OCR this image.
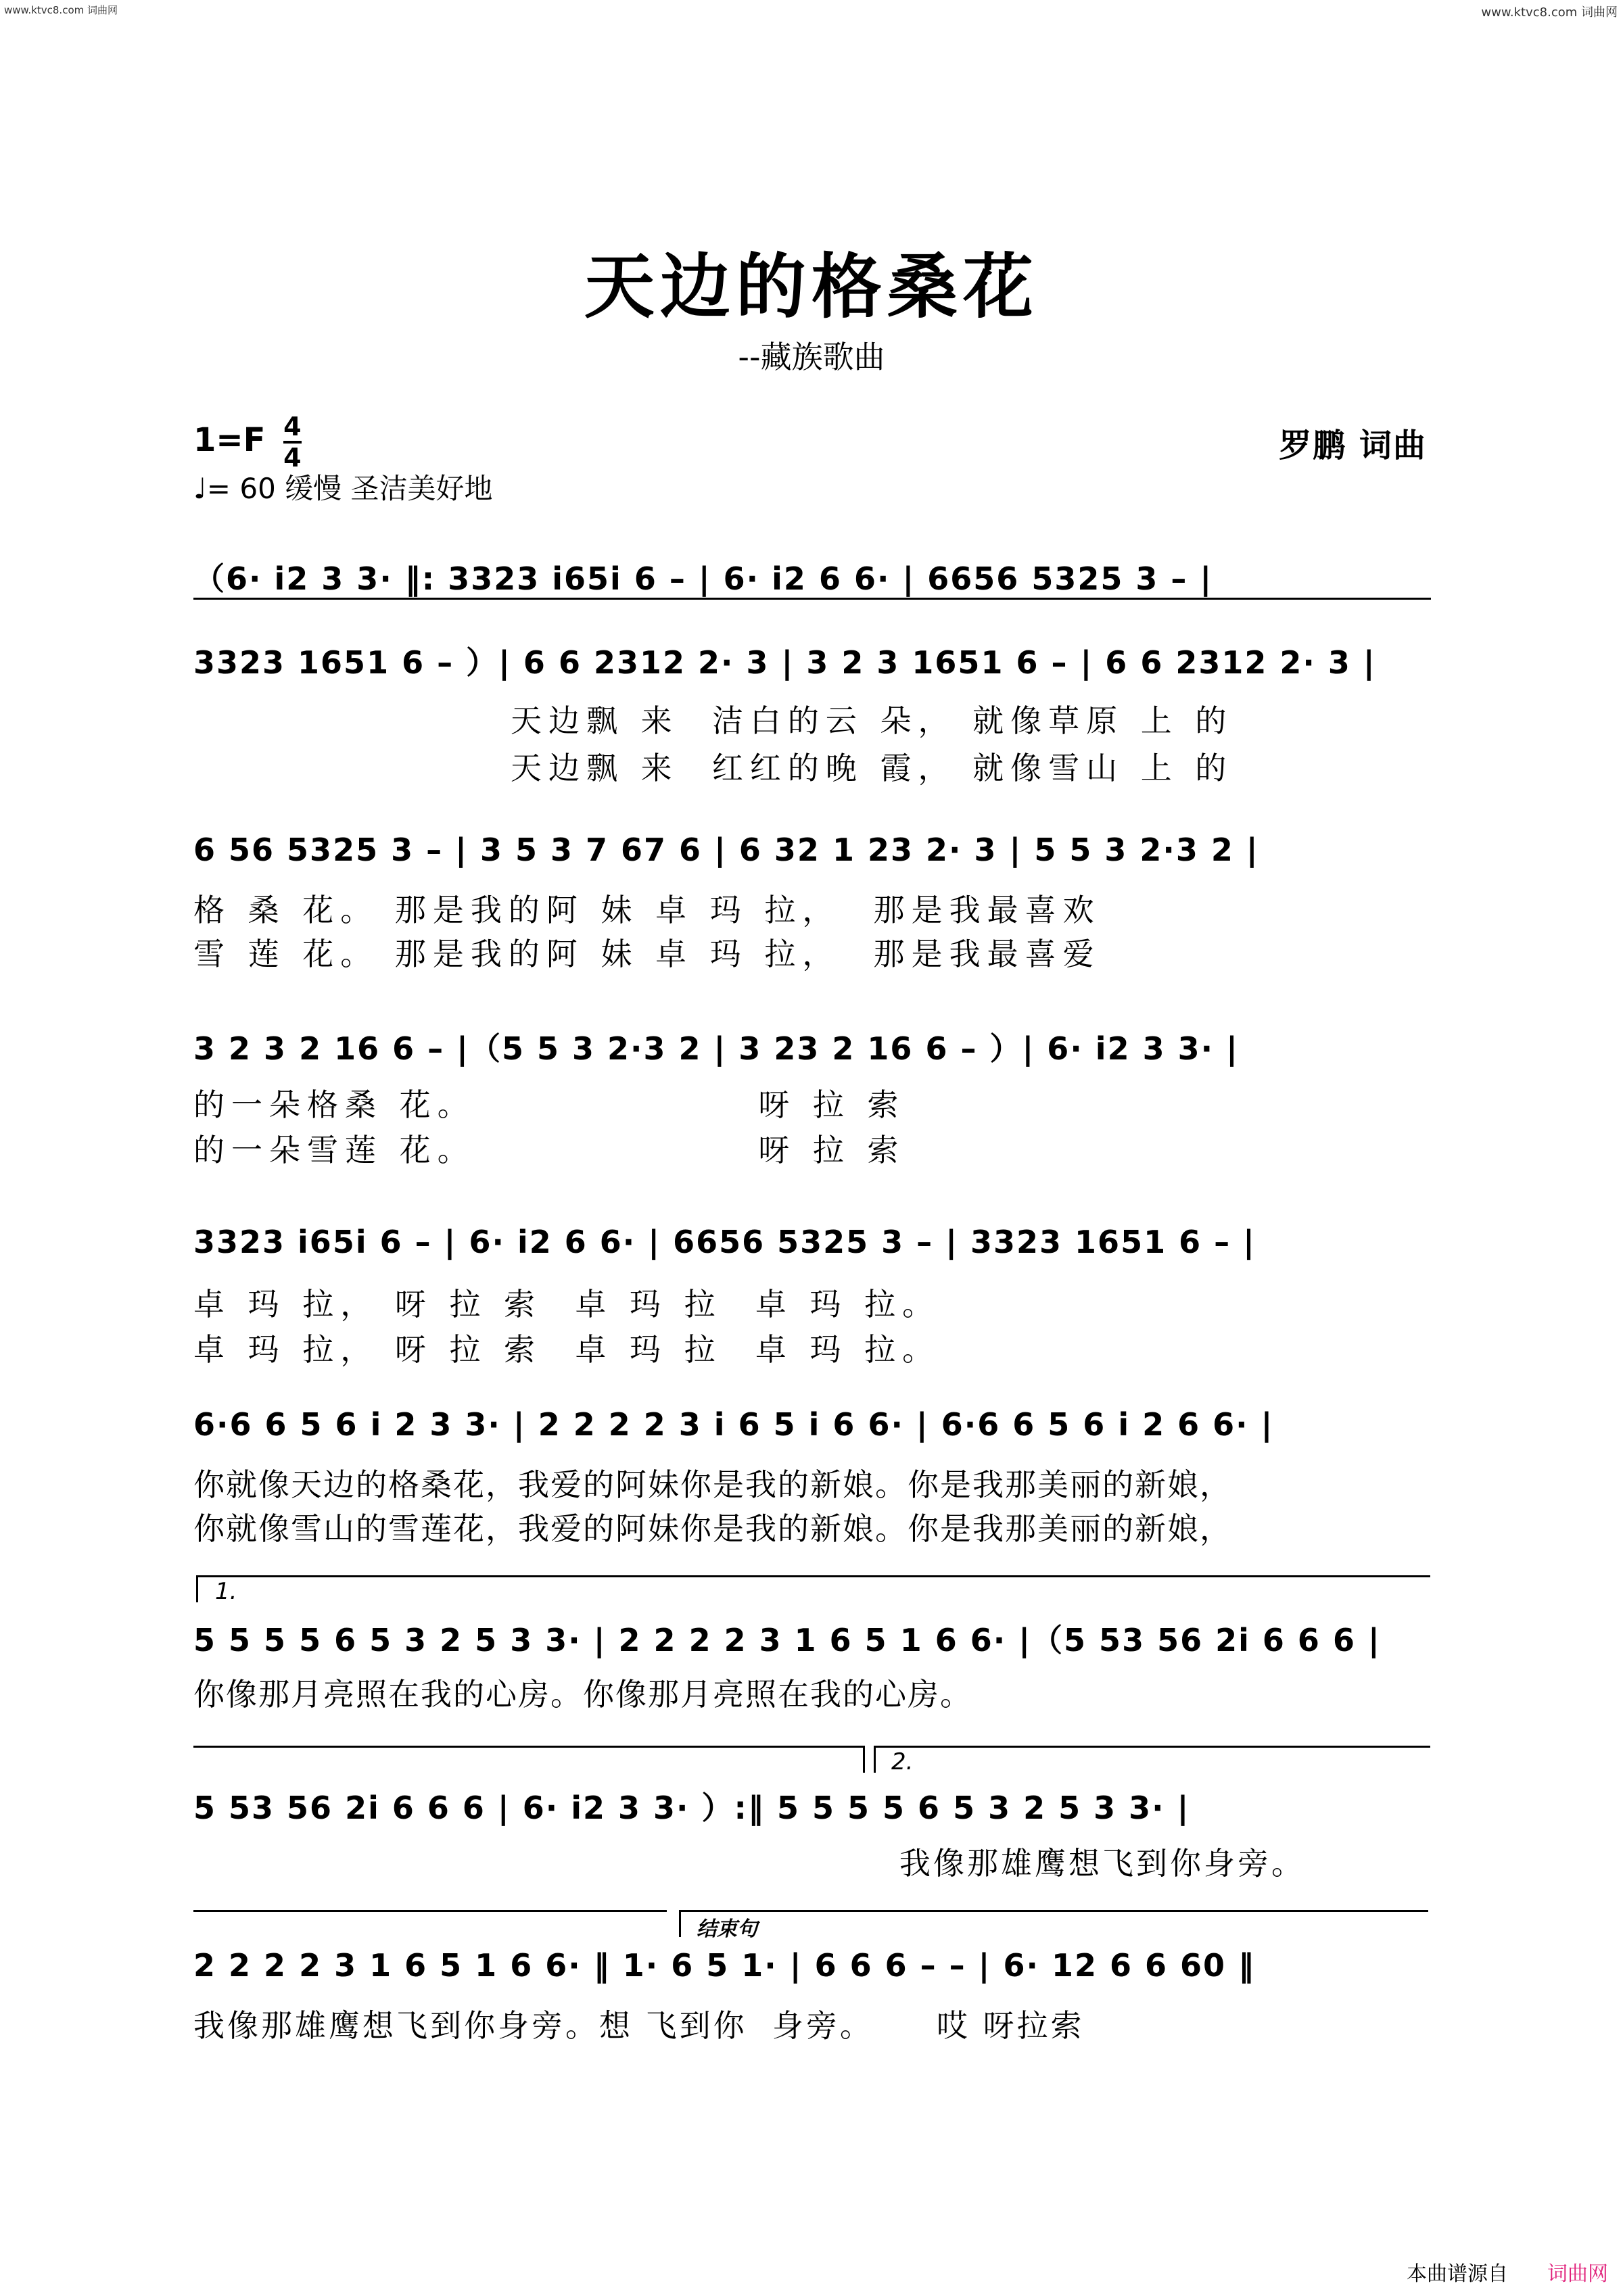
www.ktvc8.com 词曲网	www.ktvc8.com 词曲网
天边的格桑花
--藏族歌曲
$1=F \frac{4}{4}$
♩= 60 缓慢 圣洁美好地
罗鹏 词曲
（6· i2 3 3· ‖: 3323 i65i 6 – | 6· i2 6 6· | 6656 5325 3 – |
3323 1651 6 – ）| 6 6 2312 2· 3 | 3 2 3 1651 6 – | 6 6 2312 2· 3 |
天边飘 来  洁白的云 朵， 就像草原 上 的
天边飘 来  红红的晚 霞， 就像雪山 上 的
6 56 5325 3 – | 3 5 3 7 67 6 | 6 32 1 23 2· 3 | 5 5 3 2·3 2 |
格 桑 花。 那是我的阿 妹 卓 玛 拉，  那是我最喜欢
雪 莲 花。 那是我的阿 妹 卓 玛 拉，  那是我最喜爱
3 2 3 2 16 6 – |（5 5 3 2·3 2 | 3 23 2 16 6 – ）| 6· i2 3 3· |
的一朵格桑 花。                 呀 拉 索
的一朵雪莲 花。                 呀 拉 索
3323 i65i 6 – | 6· i2 6 6· | 6656 5325 3 – | 3323 1651 6 – |
卓 玛 拉， 呀 拉 索  卓 玛 拉  卓 玛 拉。
卓 玛 拉， 呀 拉 索  卓 玛 拉  卓 玛 拉。
6·6 6 5 6 i 2 3 3· | 2 2 2 2 3 i 6 5 i 6 6· | 6·6 6 5 6 i 2 6 6· |
你就像天边的格桑花，我爱的阿妹你是我的新娘。你是我那美丽的新娘，
你就像雪山的雪莲花，我爱的阿妹你是我的新娘。你是我那美丽的新娘，
1.
5 5 5 5 6 5 3 2 5 3 3· | 2 2 2 2 3 1 6 5 1 6 6· |（5 53 56 2i 6 6 6 |
你像那月亮照在我的心房。你像那月亮照在我的心房。
2.
5 53 56 2i 6 6 6 | 6· i2 3 3· ）:‖ 5 5 5 5 6 5 3 2 5 3 3· |
我像那雄鹰想飞到你身旁。
结束句
2 2 2 2 3 1 6 5 1 6 6· ‖ 1· 6 5 1· | 6 6 6 – – | 6· 12 6 6 60 ‖
我像那雄鹰想飞到你身旁。想 飞到你  身旁。     哎 呀拉索
本曲谱源自 词曲网
